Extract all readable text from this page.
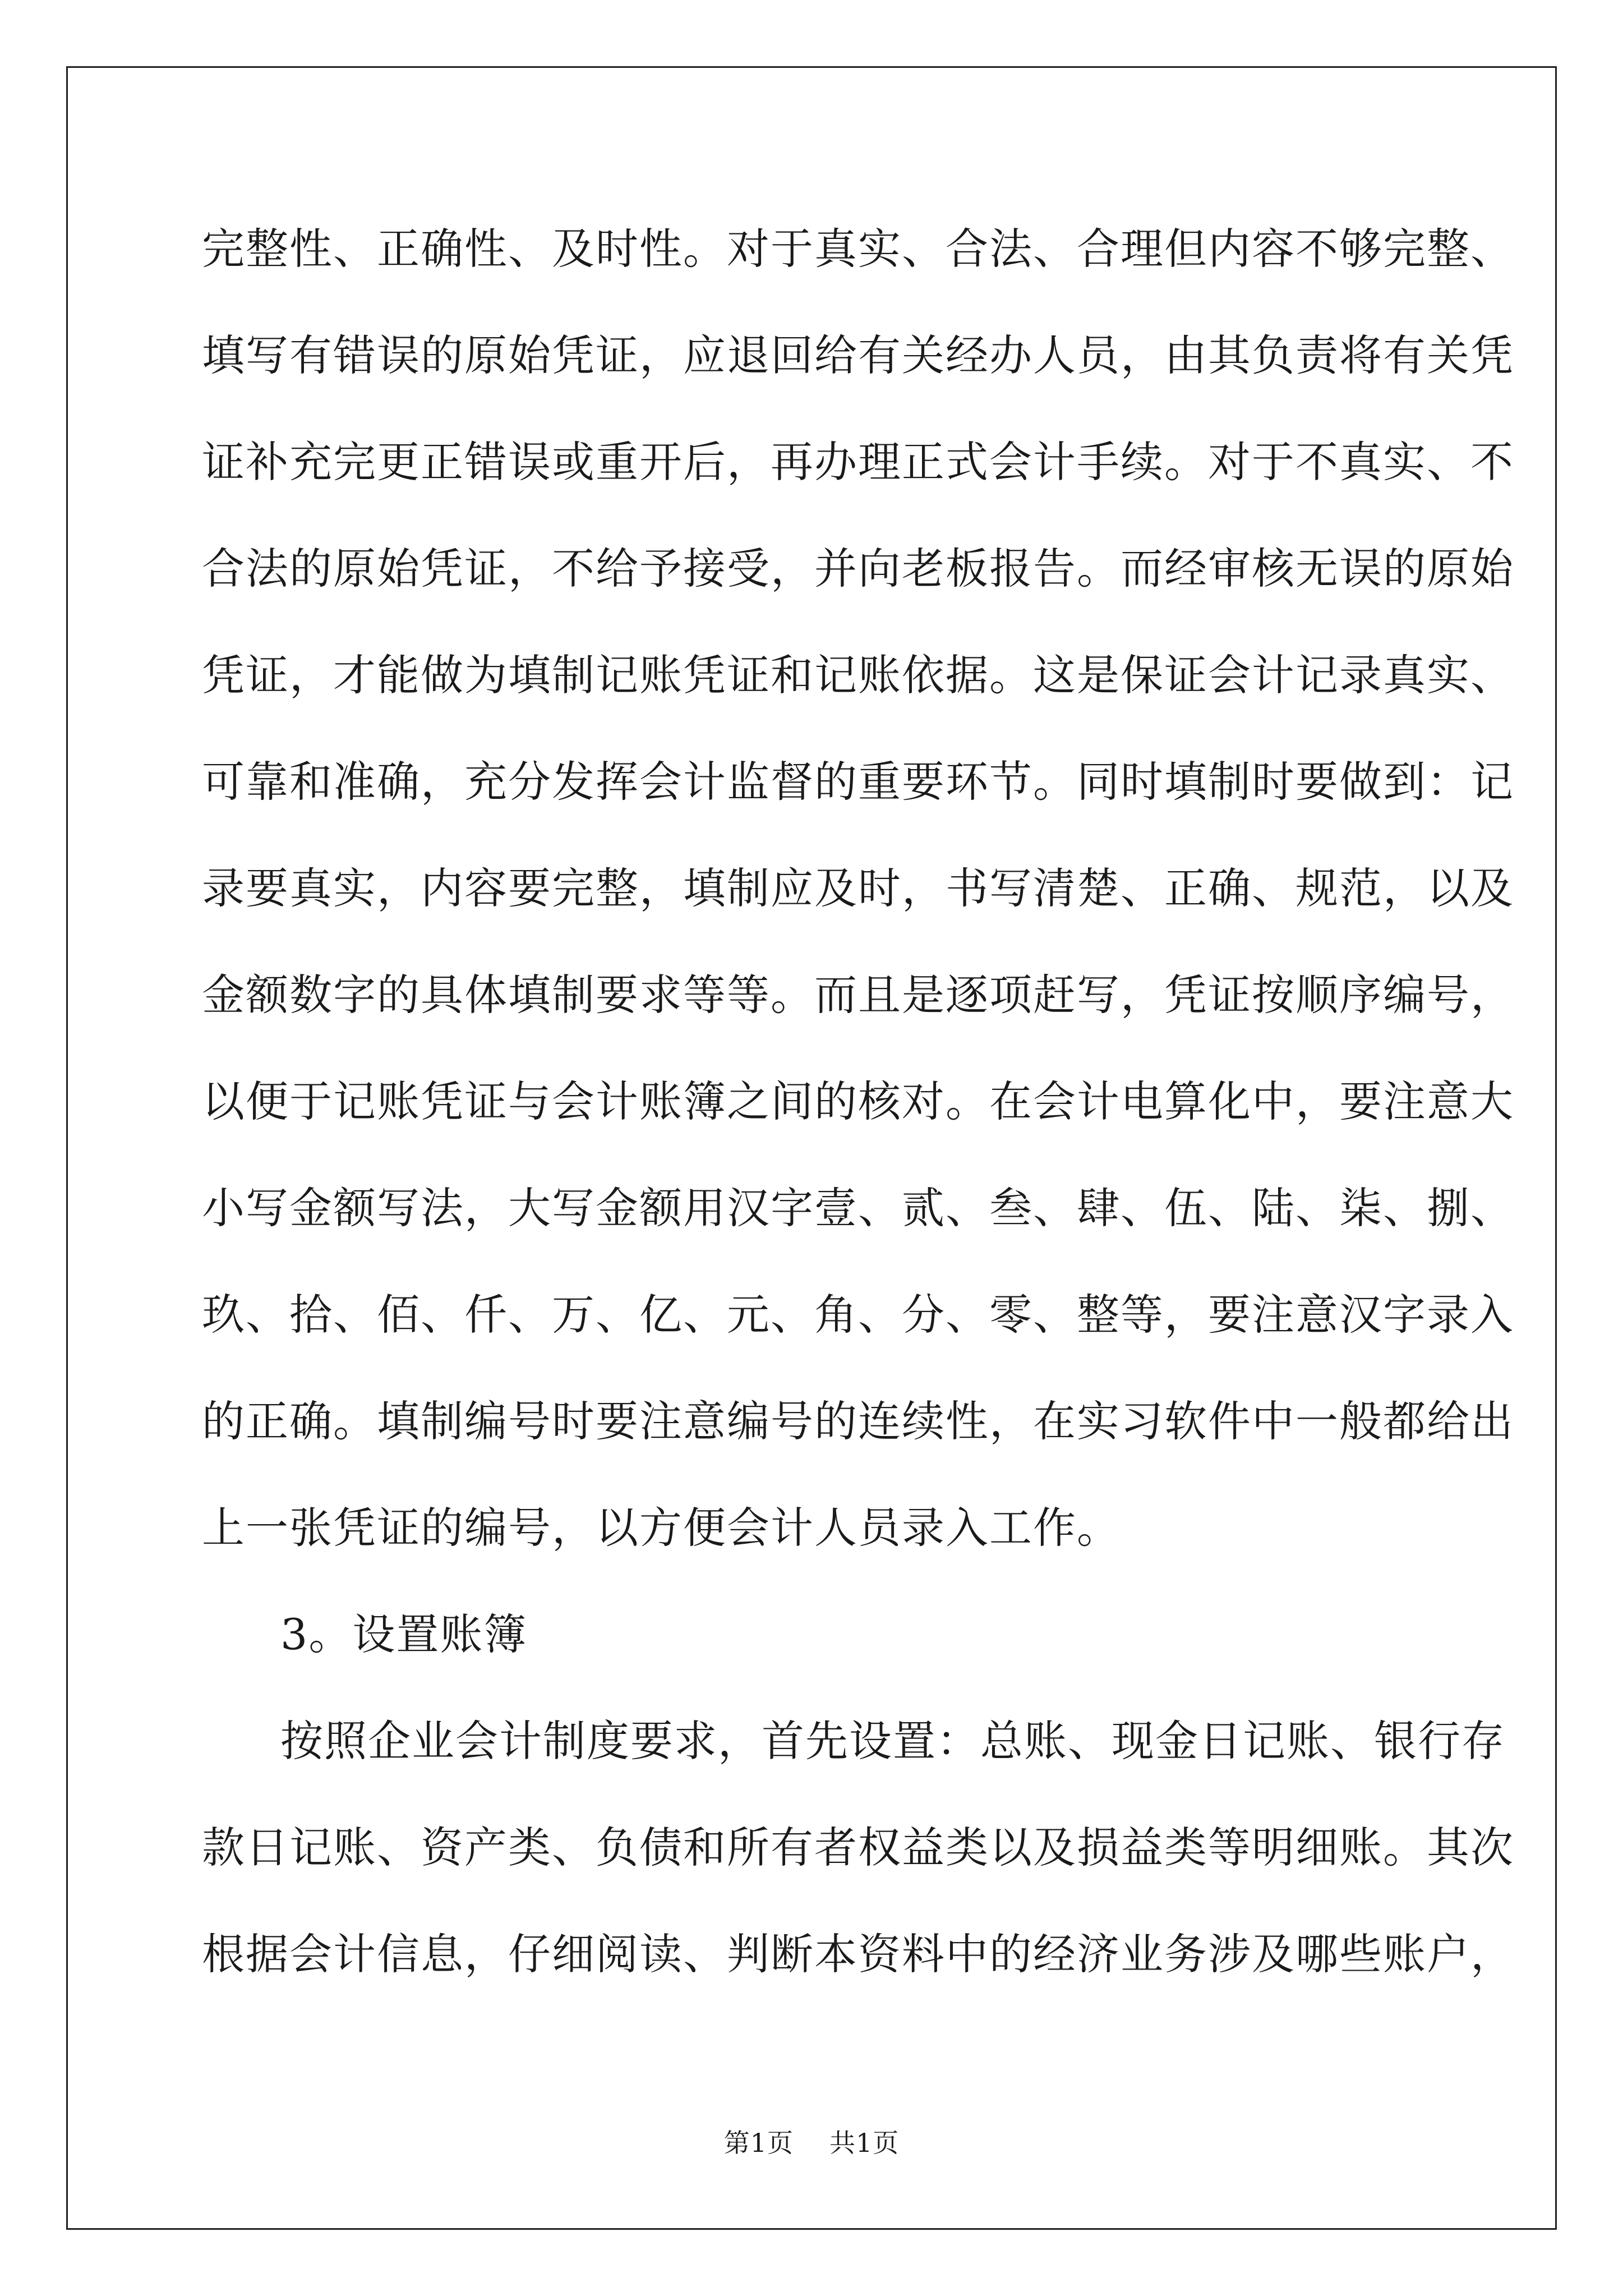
完整性、正确性、及时性。对于真实、合法、合理但内容不够完整、
填写有错误的原始凭证，应退回给有关经办人员，由其负责将有关凭
证补充完更正错误或重开后，再办理正式会计手续。对于不真实、不
合法的原始凭证，不给予接受，并向老板报告。而经审核无误的原始
凭证，才能做为填制记账凭证和记账依据。这是保证会计记录真实、
可靠和准确，充分发挥会计监督的重要环节。同时填制时要做到：记
录要真实，内容要完整，填制应及时，书写清楚、正确、规范，以及
金额数字的具体填制要求等等。而且是逐项赶写，凭证按顺序编号，
以便于记账凭证与会计账簿之间的核对。在会计电算化中，要注意大
小写金额写法，大写金额用汉字壹、贰、叁、肆、伍、陆、柒、捌、
玖、拾、佰、仟、万、亿、元、角、分、零、整等，要注意汉字录入
的正确。填制编号时要注意编号的连续性，在实习软件中一般都给出
上一张凭证的编号，以方便会计人员录入工作。
3。设置账簿
按照企业会计制度要求，首先设置：总账、现金日记账、银行存
款日记账、资产类、负债和所有者权益类以及损益类等明细账。其次
根据会计信息，仔细阅读、判断本资料中的经济业务涉及哪些账户，
第1页 共1页
